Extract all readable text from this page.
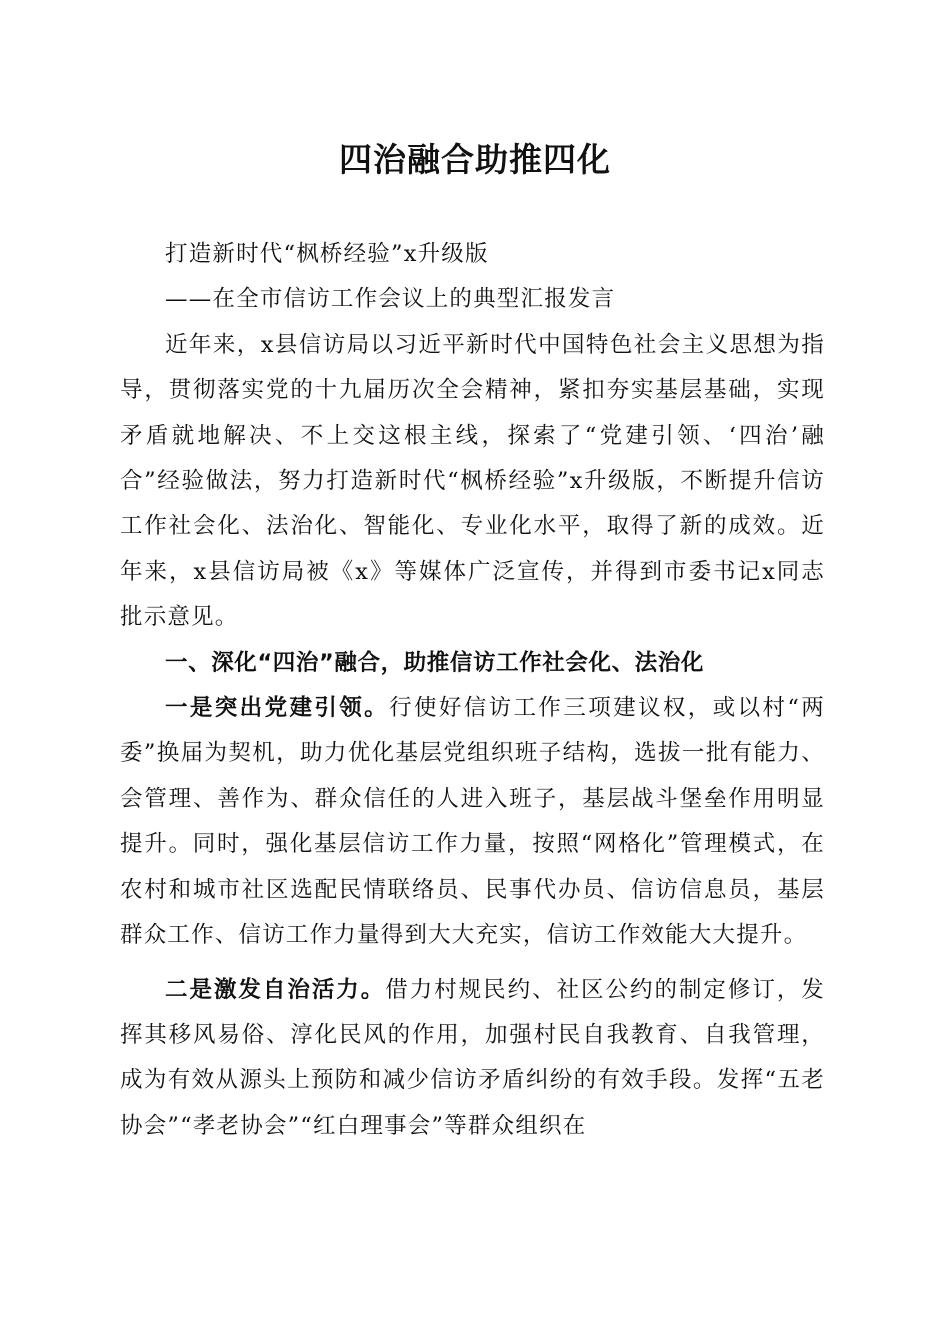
四治融合助推四化

打造新时代“枫桥经验”x升级版

——在全市信访工作会议上的典型汇报发言

近年来，x县信访局以习近平新时代中国特色社会主义思想为指导，贯彻落实党的十九届历次全会精神，紧扣夯实基层基础，实现矛盾就地解决、不上交这根主线，探索了“党建引领、‘四治’融合”经验做法，努力打造新时代“枫桥经验”x升级版，不断提升信访工作社会化、法治化、智能化、专业化水平，取得了新的成效。近年来，x县信访局被《x》等媒体广泛宣传，并得到市委书记x同志批示意见。

一、深化“四治”融合，助推信访工作社会化、法治化

一是突出党建引领。行使好信访工作三项建议权，或以村“两委”换届为契机，助力优化基层党组织班子结构，选拔一批有能力、会管理、善作为、群众信任的人进入班子，基层战斗堡垒作用明显提升。同时，强化基层信访工作力量，按照“网格化”管理模式，在农村和城市社区选配民情联络员、民事代办员、信访信息员，基层群众工作、信访工作力量得到大大充实，信访工作效能大大提升。

二是激发自治活力。借力村规民约、社区公约的制定修订，发挥其移风易俗、淳化民风的作用，加强村民自我教育、自我管理，成为有效从源头上预防和减少信访矛盾纠纷的有效手段。发挥“五老协会”“孝老协会”“红白理事会”等群众组织在
